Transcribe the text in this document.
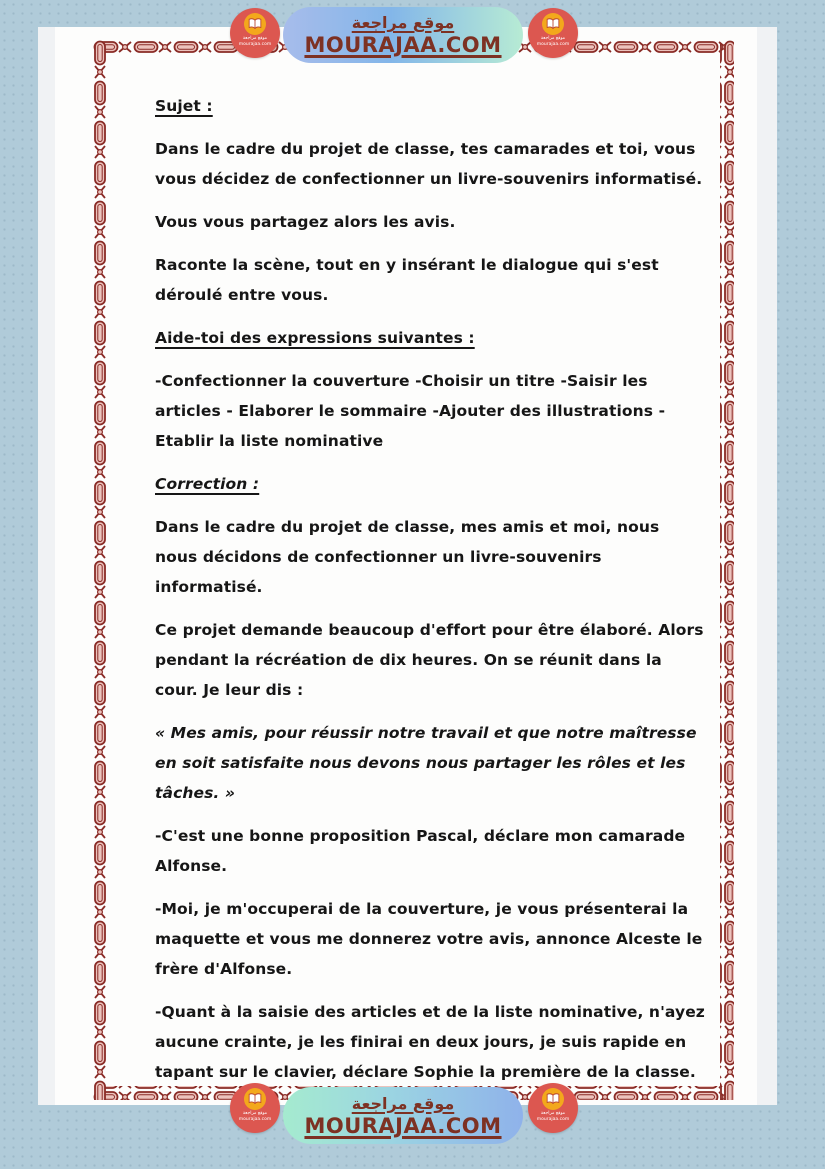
Sujet :

Dans le cadre du projet de classe, tes camarades et toi, vous vous décidez de confectionner un livre-souvenirs informatisé.

Vous vous partagez alors les avis.

Raconte la scène, tout en y insérant le dialogue qui s'est déroulé entre vous.

Aide-toi des expressions suivantes :

-Confectionner la couverture -Choisir un titre -Saisir les articles - Elaborer le sommaire -Ajouter des illustrations -Etablir la liste nominative

Correction :

Dans le cadre du projet de classe, mes amis et moi, nous nous décidons de confectionner un livre-souvenirs informatisé.

Ce projet demande beaucoup d'effort pour être élaboré. Alors pendant la récréation de dix heures. On se réunit dans la cour. Je leur dis :

« Mes amis, pour réussir notre travail et que notre maîtresse en soit satisfaite nous devons nous partager les rôles et les tâches. »

-C'est une bonne proposition Pascal, déclare mon camarade Alfonse.

-Moi, je m'occuperai de la couverture, je vous présenterai la maquette et vous me donnerez votre avis, annonce Alceste le frère d'Alfonse.

-Quant à la saisie des articles et de la liste nominative, n'ayez aucune crainte, je les finirai en deux jours, je suis rapide en tapant sur le clavier, déclare Sophie la première de la classe.

موقع مراجعة
mourajaa.com
موقع مراجعة
MOURAJAA.COM	موقع مراجعة
mourajaa.com
موقع مراجعة
mourajaa.com
موقع مراجعة
MOURAJAA.COM	موقع مراجعة
mourajaa.com
